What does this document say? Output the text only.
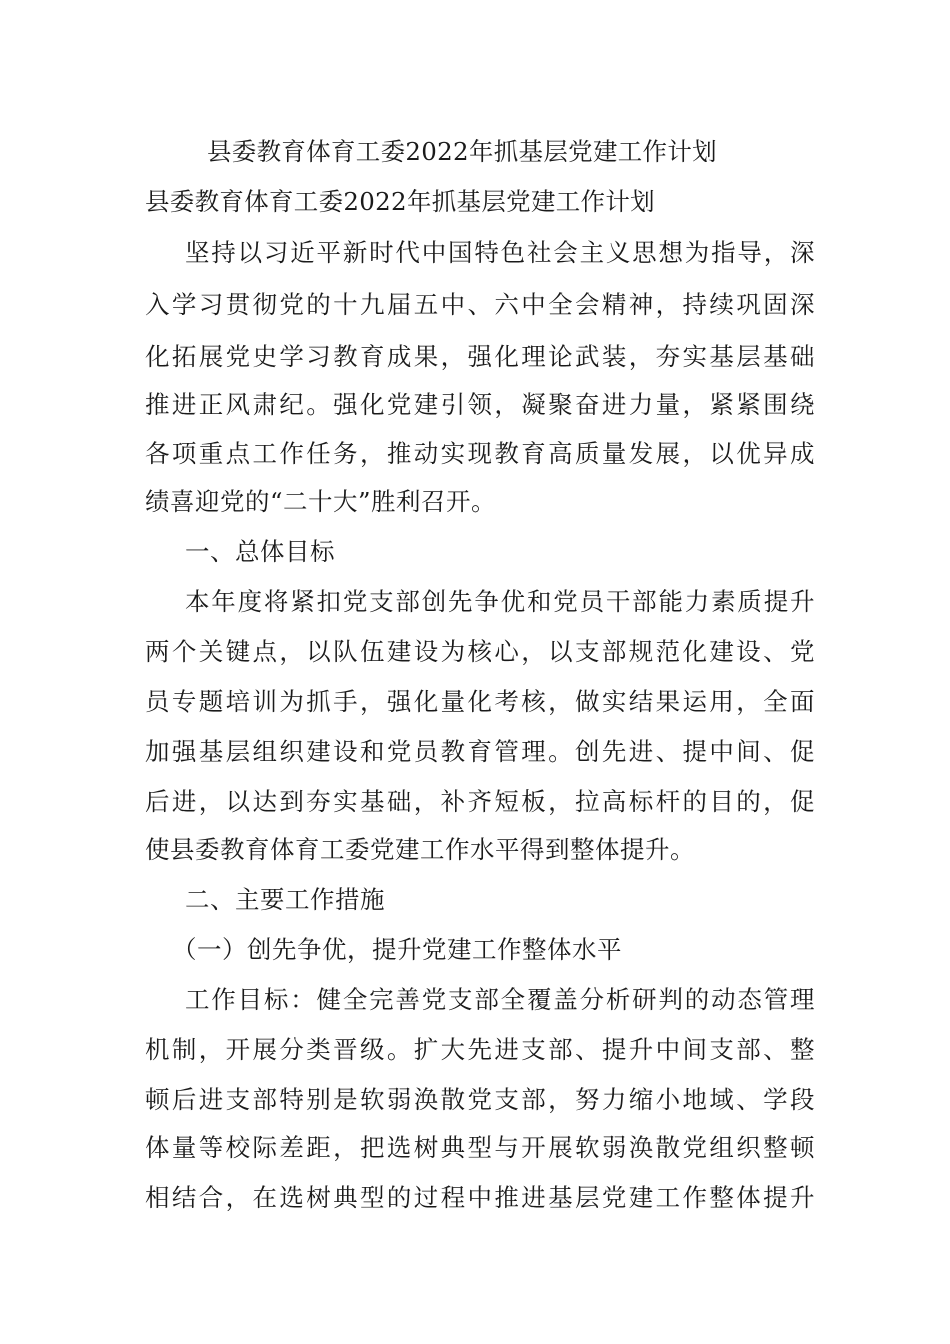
县委教育体育工委2022年抓基层党建工作计划
县委教育体育工委2022年抓基层党建工作计划
坚持以习近平新时代中国特色社会主义思想为指导，深
入学习贯彻党的十九届五中、六中全会精神，持续巩固深
化拓展党史学习教育成果，强化理论武装，夯实基层基础
推进正风肃纪。强化党建引领，凝聚奋进力量，紧紧围绕
各项重点工作任务，推动实现教育高质量发展，以优异成
绩喜迎党的“二十大”胜利召开。
一、总体目标
本年度将紧扣党支部创先争优和党员干部能力素质提升
两个关键点，以队伍建设为核心，以支部规范化建设、党
员专题培训为抓手，强化量化考核，做实结果运用，全面
加强基层组织建设和党员教育管理。创先进、提中间、促
后进，以达到夯实基础，补齐短板，拉高标杆的目的，促
使县委教育体育工委党建工作水平得到整体提升。
二、主要工作措施
（一）创先争优，提升党建工作整体水平
工作目标：健全完善党支部全覆盖分析研判的动态管理
机制，开展分类晋级。扩大先进支部、提升中间支部、整
顿后进支部特别是软弱涣散党支部，努力缩小地域、学段
体量等校际差距，把选树典型与开展软弱涣散党组织整顿
相结合，在选树典型的过程中推进基层党建工作整体提升
